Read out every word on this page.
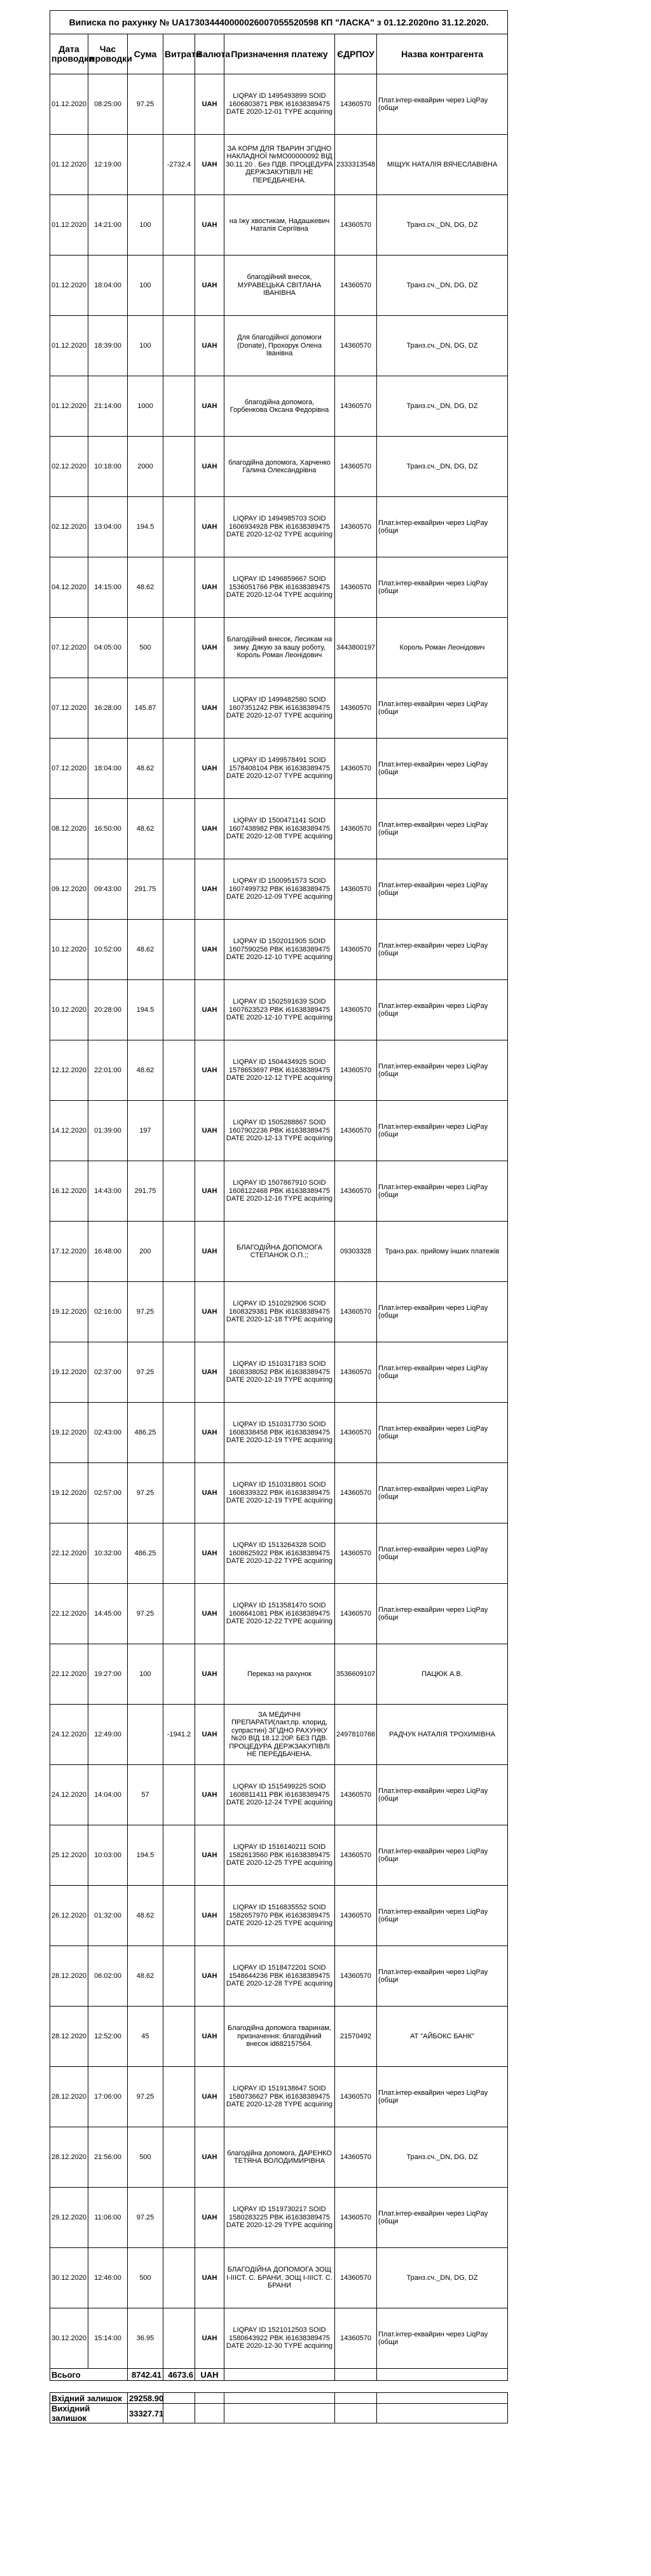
Виписка по рахунку № UA173034440000026007055520598 КП "ЛАСКА" з 01.12.2020по 31.12.2020.							
Дата проводки	Час проводки	Сума	Витрати	Валюта	Призначення платежу	ЄДРПОУ	Назва контрагента
01.12.2020	08:25:00	97.25		UAH	LIQPAY ID 1495493899 SOID 1606803871 PBK i61638389475 DATE 2020-12-01 TYPE acquiring	14360570	Плат.інтер-еквайрин через LiqPay (общи
01.12.2020	12:19:00		-2732.4	UAH	ЗА КОРМ ДЛЯ ТВАРИН ЗГІДНО НАКЛАДНОЇ №МО00000092 ВІД 30.11.20 . Без ПДВ. ПРОЦЕДУРА ДЕРЖЗАКУПІВЛІ НЕ ПЕРЕДБАЧЕНА.	2333313548	МІЩУК НАТАЛІЯ ВЯЧЕСЛАВІВНА
01.12.2020	14:21:00	100		UAH	на їжу хвостикам, Надашкевич Наталія Сергіївна	14360570	Транз.сч._DN, DG, DZ
01.12.2020	18:04:00	100		UAH	благодійний внесок, МУРАВЕЦЬКА СВІТЛАНА ІВАНІВНА	14360570	Транз.сч._DN, DG, DZ
01.12.2020	18:39:00	100		UAH	Для благодійної допомоги (Donate), Прохорук Олена Іванівна	14360570	Транз.сч._DN, DG, DZ
01.12.2020	21:14:00	1000		UAH	благодійна допомога, Горбенкова Оксана Федорівна	14360570	Транз.сч._DN, DG, DZ
02.12.2020	10:18:00	2000		UAH	благодійна допомога, Харченко Галина Олександрівна	14360570	Транз.сч._DN, DG, DZ
02.12.2020	13:04:00	194.5		UAH	LIQPAY ID 1494985703 SOID 1606934928 PBK i61638389475 DATE 2020-12-02 TYPE acquiring	14360570	Плат.інтер-еквайрин через LiqPay (общи
04.12.2020	14:15:00	48.62		UAH	LIQPAY ID 1496859667 SOID 1536051766 PBK i61638389475 DATE 2020-12-04 TYPE acquiring	14360570	Плат.інтер-еквайрин через LiqPay (общи
07.12.2020	04:05:00	500		UAH	Благодійний внесок, Лесикам на зиму. Дякую за вашу роботу, Король Роман Леонідович	3443800197	Король Роман Леонідович
07.12.2020	16:28:00	145.87		UAH	LIQPAY ID 1499482580 SOID 1607351242 PBK i61638389475 DATE 2020-12-07 TYPE acquiring	14360570	Плат.інтер-еквайрин через LiqPay (общи
07.12.2020	18:04:00	48.62		UAH	LIQPAY ID 1499578491 SOID 1578408104 PBK i61638389475 DATE 2020-12-07 TYPE acquiring	14360570	Плат.інтер-еквайрин через LiqPay (общи
08.12.2020	16:50:00	48.62		UAH	LIQPAY ID 1500471141 SOID 1607438982 PBK i61638389475 DATE 2020-12-08 TYPE acquiring	14360570	Плат.інтер-еквайрин через LiqPay (общи
09.12.2020	09:43:00	291.75		UAH	LIQPAY ID 1500951573 SOID 1607499732 PBK i61638389475 DATE 2020-12-09 TYPE acquiring	14360570	Плат.інтер-еквайрин через LiqPay (общи
10.12.2020	10:52:00	48.62		UAH	LIQPAY ID 1502011905 SOID 1607590256 PBK i61638389475 DATE 2020-12-10 TYPE acquiring	14360570	Плат.інтер-еквайрин через LiqPay (общи
10.12.2020	20:28:00	194.5		UAH	LIQPAY ID 1502591639 SOID 1607623523 PBK i61638389475 DATE 2020-12-10 TYPE acquiring	14360570	Плат.інтер-еквайрин через LiqPay (общи
12.12.2020	22:01:00	48.62		UAH	LIQPAY ID 1504434925 SOID 1578653697 PBK i61638389475 DATE 2020-12-12 TYPE acquiring	14360570	Плат.інтер-еквайрин через LiqPay (общи
14.12.2020	01:39:00	197		UAH	LIQPAY ID 1505288867 SOID 1607902236 PBK i61638389475 DATE 2020-12-13 TYPE acquiring	14360570	Плат.інтер-еквайрин через LiqPay (общи
16.12.2020	14:43:00	291.75		UAH	LIQPAY ID 1507867910 SOID 1608122468 PBK i61638389475 DATE 2020-12-16 TYPE acquiring	14360570	Плат.інтер-еквайрин через LiqPay (общи
17.12.2020	16:48:00	200		UAH	БЛАГОДІЙНА ДОПОМОГА СТЕПАНОК О.П.;;	09303328	Транз.рах. прийому інших платежів
19.12.2020	02:16:00	97.25		UAH	LIQPAY ID 1510292906 SOID 1608329381 PBK i61638389475 DATE 2020-12-18 TYPE acquiring	14360570	Плат.інтер-еквайрин через LiqPay (общи
19.12.2020	02:37:00	97.25		UAH	LIQPAY ID 1510317183 SOID 1608338052 PBK i61638389475 DATE 2020-12-19 TYPE acquiring	14360570	Плат.інтер-еквайрин через LiqPay (общи
19.12.2020	02:43:00	486.25		UAH	LIQPAY ID 1510317730 SOID 1608338458 PBK i61638389475 DATE 2020-12-19 TYPE acquiring	14360570	Плат.інтер-еквайрин через LiqPay (общи
19.12.2020	02:57:00	97.25		UAH	LIQPAY ID 1510318801 SOID 1608339322 PBK i61638389475 DATE 2020-12-19 TYPE acquiring	14360570	Плат.інтер-еквайрин через LiqPay (общи
22.12.2020	10:32:00	486.25		UAH	LIQPAY ID 1513264328 SOID 1608625922 PBK i61638389475 DATE 2020-12-22 TYPE acquiring	14360570	Плат.інтер-еквайрин через LiqPay (общи
22.12.2020	14:45:00	97.25		UAH	LIQPAY ID 1513581470 SOID 1608641081 PBK i61638389475 DATE 2020-12-22 TYPE acquiring	14360570	Плат.інтер-еквайрин через LiqPay (общи
22.12.2020	19:27:00	100		UAH	Переказ на рахунок	3536609107	ПАЦЮК А.В.
24.12.2020	12:49:00		-1941.2	UAH	ЗА МЕДИЧНІ ПРЕПАРАТИ(лакт,пр. клорид, супрастин) ЗГІДНО РАХУНКУ №20 ВІД 18.12.20Р. БЕЗ ПДВ. ПРОЦЕДУРА ДЕРЖЗАКУПІВЛІ НЕ ПЕРЕДБАЧЕНА.	2497810766	РАДЧУК НАТАЛІЯ ТРОХИМІВНА
24.12.2020	14:04:00	57		UAH	LIQPAY ID 1515499225 SOID 1608811411 PBK i61638389475 DATE 2020-12-24 TYPE acquiring	14360570	Плат.інтер-еквайрин через LiqPay (общи
25.12.2020	10:03:00	194.5		UAH	LIQPAY ID 1516140211 SOID 1582613560 PBK i61638389475 DATE 2020-12-25 TYPE acquiring	14360570	Плат.інтер-еквайрин через LiqPay (общи
26.12.2020	01:32:00	48.62		UAH	LIQPAY ID 1516835552 SOID 1582657970 PBK i61638389475 DATE 2020-12-25 TYPE acquiring	14360570	Плат.інтер-еквайрин через LiqPay (общи
28.12.2020	06:02:00	48.62		UAH	LIQPAY ID 1518472201 SOID 1548644236 PBK i61638389475 DATE 2020-12-28 TYPE acquiring	14360570	Плат.інтер-еквайрин через LiqPay (общи
28.12.2020	12:52:00	45		UAH	Благодійна допомога тваринам, призначення: благодійний внесок id682157564.	21570492	АТ "АЙБОКС БАНК"
28.12.2020	17:06:00	97.25		UAH	LIQPAY ID 1519138647 SOID 1580736627 PBK i61638389475 DATE 2020-12-28 TYPE acquiring	14360570	Плат.інтер-еквайрин через LiqPay (общи
28.12.2020	21:56:00	500		UAH	благодійна допомога, ДАРЕНКО ТЕТЯНА ВОЛОДИМИРІВНА	14360570	Транз.сч._DN, DG, DZ
29.12.2020	11:06:00	97.25		UAH	LIQPAY ID 1519730217 SOID 1580283225 PBK i61638389475 DATE 2020-12-29 TYPE acquiring	14360570	Плат.інтер-еквайрин через LiqPay (общи
30.12.2020	12:46:00	500		UAH	БЛАГОДІЙНА ДОПОМОГА ЗОЩ І-ІІІСТ. С. БРАНИ, ЗОЩ І-ІІІСТ. С. БРАНИ	14360570	Транз.сч._DN, DG, DZ
30.12.2020	15:14:00	36.95		UAH	LIQPAY ID 1521012503 SOID 1580643922 PBK i61638389475 DATE 2020-12-30 TYPE acquiring	14360570	Плат.інтер-еквайрин через LiqPay (общи
Всього		8742.41	4673.6	UAH			

Вхідний залишок		29258.90					
Вихідний залишок		33327.71					
